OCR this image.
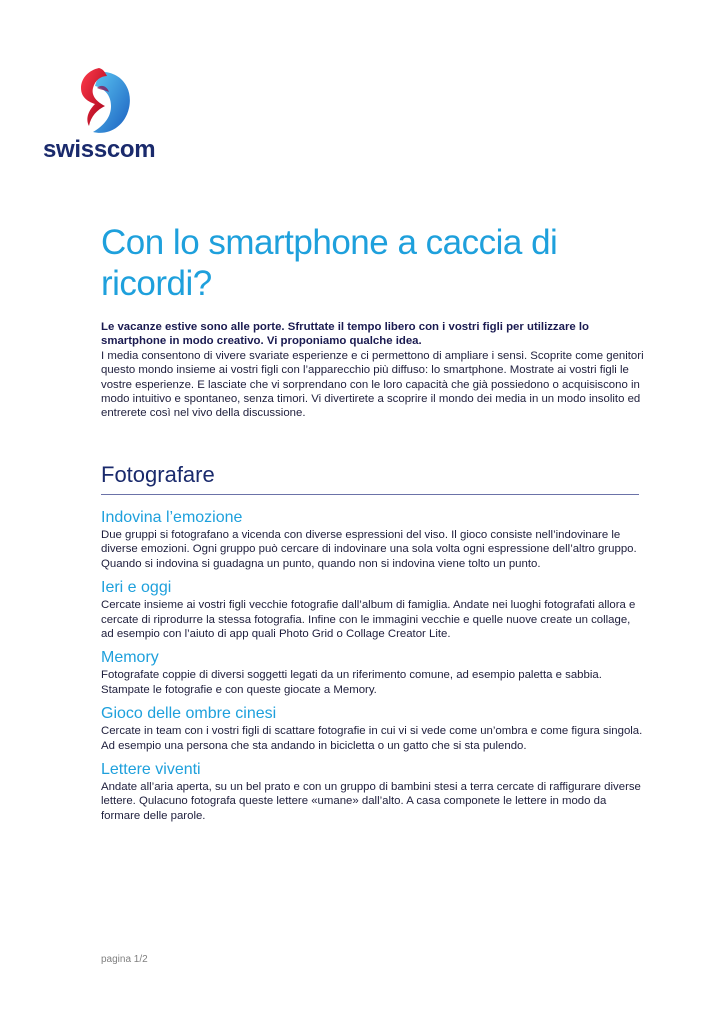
swisscom
Con lo smartphone a caccia di ricordi?

Le vacanze estive sono alle porte. Sfruttate il tempo libero con i vostri figli per utilizzare lo smartphone in modo creativo. Vi proponiamo qualche idea.

I media consentono di vivere svariate esperienze e ci permettono di ampliare i sensi. Scoprite come genitori questo mondo insieme ai vostri figli con l’apparecchio più diffuso: lo smartphone. Mostrate ai vostri figli le vostre esperienze. E lasciate che vi sorprendano con le loro capacità che già possiedono o acquisiscono in modo intuitivo e spontaneo, senza timori. Vi divertirete a scoprire il mondo dei media in un modo insolito ed entrerete così nel vivo della discussione.

Fotografare
Indovina l’emozione

Due gruppi si fotografano a vicenda con diverse espressioni del viso. Il gioco consiste nell’indovinare le diverse emozioni. Ogni gruppo può cercare di indovinare una sola volta ogni espressione dell’altro gruppo. Quando si indovina si guadagna un punto, quando non si indovina viene tolto un punto.

Ieri e oggi

Cercate insieme ai vostri figli vecchie fotografie dall’album di famiglia. Andate nei luoghi fotografati allora e cercate di riprodurre la stessa fotografia. Infine con le immagini vecchie e quelle nuove create un collage, ad esempio con l’aiuto di app quali Photo Grid o Collage Creator Lite.

Memory

Fotografate coppie di diversi soggetti legati da un riferimento comune, ad esempio paletta e sabbia. Stampate le fotografie e con queste giocate a Memory.

Gioco delle ombre cinesi

Cercate in team con i vostri figli di scattare fotografie in cui vi si vede come un’ombra e come figura singola. Ad esempio una persona che sta andando in bicicletta o un gatto che si sta pulendo.

Lettere viventi

Andate all’aria aperta, su un bel prato e con un gruppo di bambini stesi a terra cercate di raffigurare diverse lettere. Qulacuno fotografa queste lettere «umane» dall’alto. A casa componete le lettere in modo da formare delle parole.

pagina 1/2
